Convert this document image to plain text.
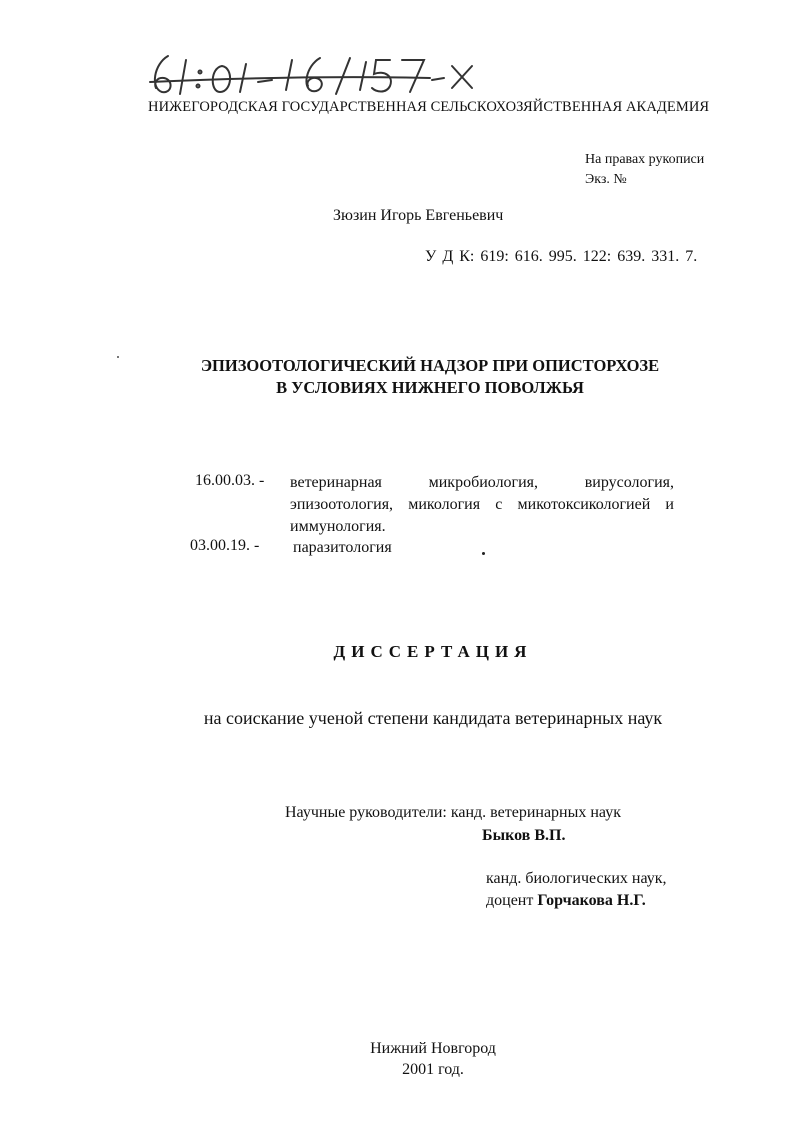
НИЖЕГОРОДСКАЯ ГОСУДАРСТВЕННАЯ СЕЛЬСКОХОЗЯЙСТВЕННАЯ АКАДЕМИЯ
На правах рукописи
Экз. №
Зюзин Игорь Евгеньевич
У Д К: 619: 616. 995. 122: 639. 331. 7.
ЭПИЗООТОЛОГИЧЕСКИЙ НАДЗОР ПРИ ОПИСТОРХОЗЕ
В УСЛОВИЯХ НИЖНЕГО ПОВОЛЖЬЯ
16.00.03. - ветеринарная микробиология, вирусология, эпизоотология, микология с микотоксикологией и иммунология.
03.00.19. - паразитология
ДИССЕРТАЦИЯ
на соискание ученой степени кандидата ветеринарных наук
Научные руководители: канд. ветеринарных наук
Быков В.П.
канд. биологических наук,
доцент Горчакова Н.Г.
Нижний Новгород
2001 год.
